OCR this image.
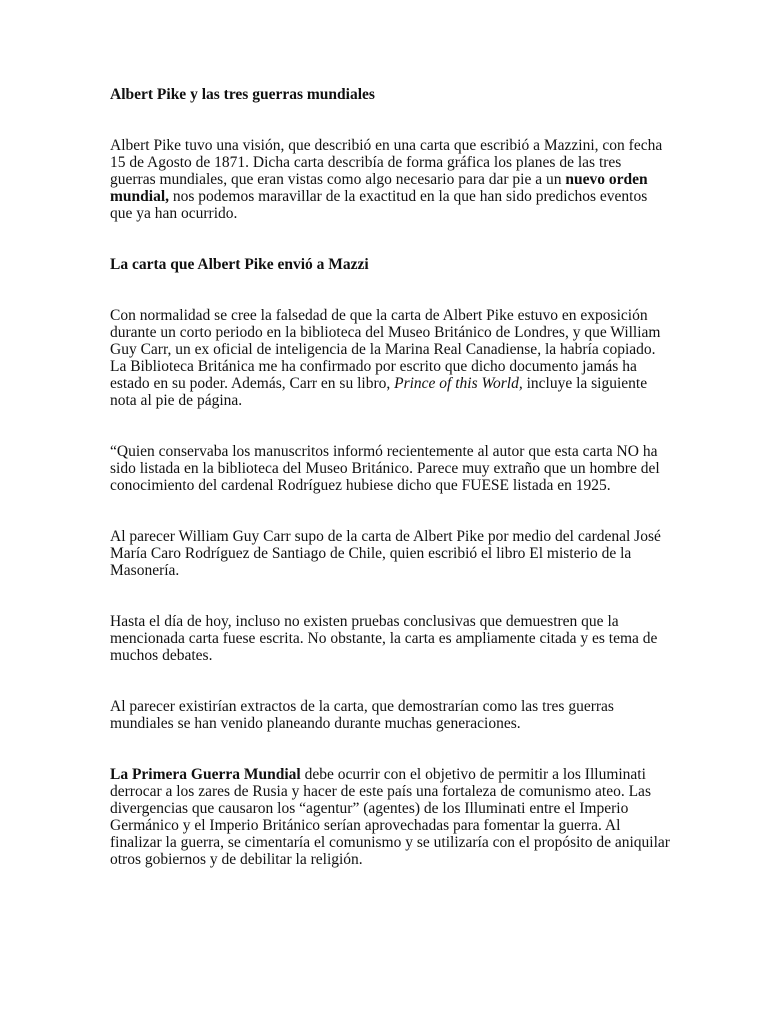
Albert Pike y las tres guerras mundiales

Albert Pike tuvo una visión, que describió en una carta que escribió a Mazzini, con fecha 15 de Agosto de 1871. Dicha carta describía de forma gráfica los planes de las tres guerras mundiales, que eran vistas como algo necesario para dar pie a un nuevo orden mundial, nos podemos maravillar de la exactitud en la que han sido predichos eventos que ya han ocurrido.

La carta que Albert Pike envió a Mazzi

Con normalidad se cree la falsedad de que la carta de Albert Pike estuvo en exposición durante un corto periodo en la biblioteca del Museo Británico de Londres, y que William Guy Carr, un ex oficial de inteligencia de la Marina Real Canadiense, la habría copiado. La Biblioteca Británica me ha confirmado por escrito que dicho documento jamás ha estado en su poder. Además, Carr en su libro, Prince of this World, incluye la siguiente nota al pie de página.

“Quien conservaba los manuscritos informó recientemente al autor que esta carta NO ha sido listada en la biblioteca del Museo Británico. Parece muy extraño que un hombre del conocimiento del cardenal Rodríguez hubiese dicho que FUESE listada en 1925.

Al parecer William Guy Carr supo de la carta de Albert Pike por medio del cardenal José María Caro Rodríguez de Santiago de Chile, quien escribió el libro El misterio de la Masonería.

Hasta el día de hoy, incluso no existen pruebas conclusivas que demuestren que la mencionada carta fuese escrita. No obstante, la carta es ampliamente citada y es tema de muchos debates.

Al parecer existirían extractos de la carta, que demostrarían como las tres guerras mundiales se han venido planeando durante muchas generaciones.

La Primera Guerra Mundial debe ocurrir con el objetivo de permitir a los Illuminati derrocar a los zares de Rusia y hacer de este país una fortaleza de comunismo ateo. Las divergencias que causaron los “agentur” (agentes) de los Illuminati entre el Imperio Germánico y el Imperio Británico serían aprovechadas para fomentar la guerra. Al finalizar la guerra, se cimentaría el comunismo y se utilizaría con el propósito de aniquilar otros gobiernos y de debilitar la religión.
